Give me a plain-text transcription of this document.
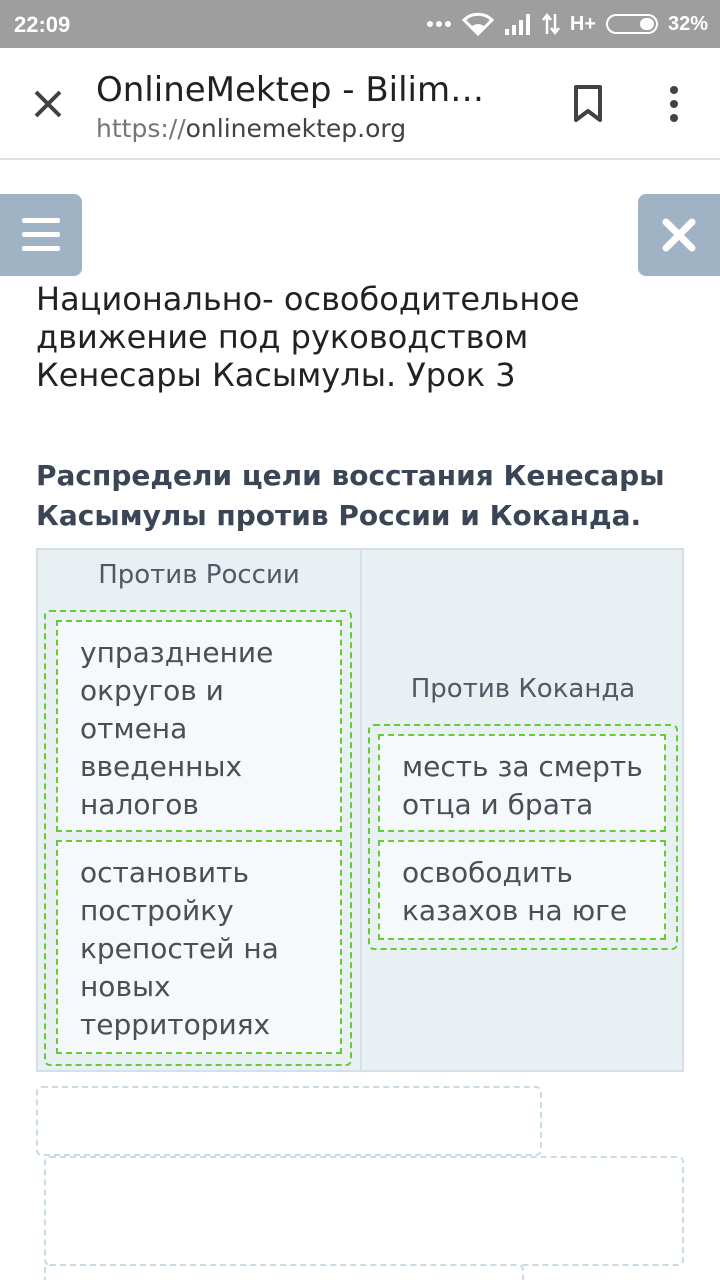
22:09	H+	32%
OnlineMektep - Bilim…
https://onlinemektep.org
Национально- освободительное движение под руководством Кенесары Касымулы. Урок 3
Распредели цели восстания Кенесары Касымулы против России и Коканда.
Против России
упразднение округов и отмена введенных налогов
остановить постройку крепостей на новых территориях
Против Коканда
месть за смерть отца и брата
освободить казахов на юге
